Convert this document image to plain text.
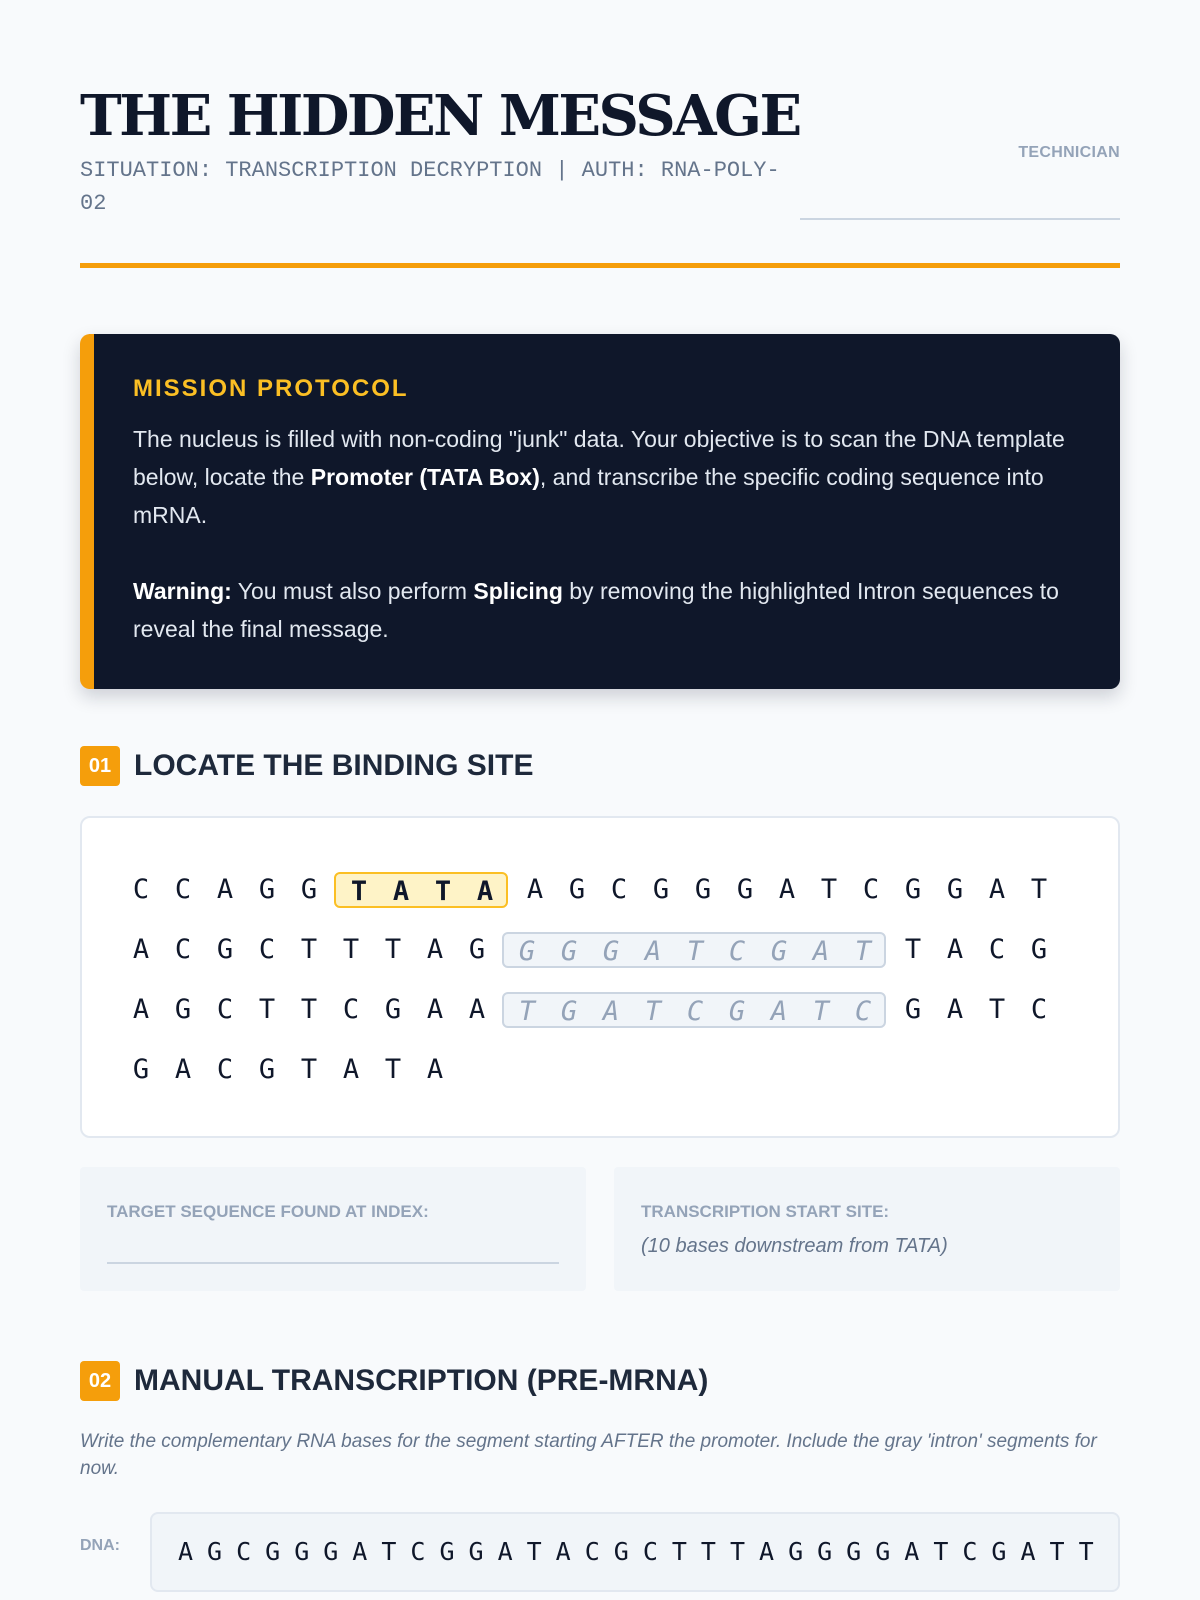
THE HIDDEN MESSAGE
SITUATION: TRANSCRIPTION DECRYPTION | AUTH: RNA-POLY-02
TECHNICIAN
MISSION PROTOCOL

The nucleus is filled with non-coding "junk" data. Your objective is to scan the DNA template below, locate the Promoter (TATA Box), and transcribe the specific coding sequence into mRNA.

Warning: You must also perform Splicing by removing the highlighted Intron sequences to reveal the final message.

01 LOCATE THE BINDING SITE
C C A G G	T A T A	A G C G G G A T C G G A T
A C G C T T T A G	G G G A T C G A T	T A C G
A G C T T C G A A	T G A T C G A T C	G A T C
G A C G T A T A
TARGET SEQUENCE FOUND AT INDEX:	TRANSCRIPTION START SITE:
(10 bases downstream from TATA)
02 MANUAL TRANSCRIPTION (PRE-MRNA)
Write the complementary RNA bases for the segment starting AFTER the promoter. Include the gray 'intron' segments for now.
DNA: AGCGGGATCGGATACGCTTTAGGGGATCGATT
